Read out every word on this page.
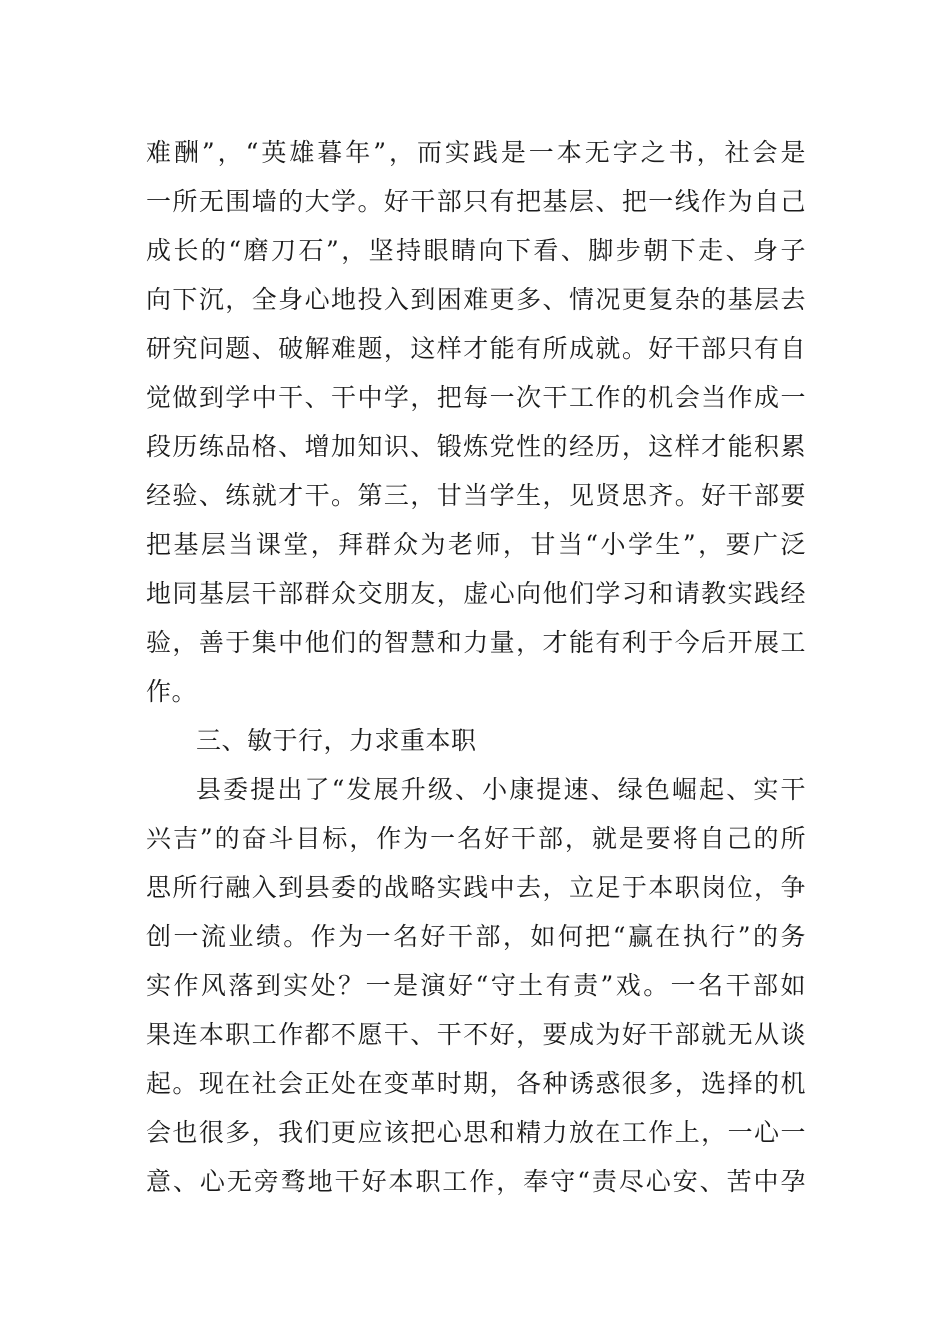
难酬”，“英雄暮年”，而实践是一本无字之书，社会是
一所无围墙的大学。好干部只有把基层、把一线作为自己
成长的“磨刀石”，坚持眼睛向下看、脚步朝下走、身子
向下沉，全身心地投入到困难更多、情况更复杂的基层去
研究问题、破解难题，这样才能有所成就。好干部只有自
觉做到学中干、干中学，把每一次干工作的机会当作成一
段历练品格、增加知识、锻炼党性的经历，这样才能积累
经验、练就才干。第三，甘当学生，见贤思齐。好干部要
把基层当课堂，拜群众为老师，甘当“小学生”，要广泛
地同基层干部群众交朋友，虚心向他们学习和请教实践经
验，善于集中他们的智慧和力量，才能有利于今后开展工
作。
三、敏于行，力求重本职
县委提出了“发展升级、小康提速、绿色崛起、实干
兴吉”的奋斗目标，作为一名好干部，就是要将自己的所
思所行融入到县委的战略实践中去，立足于本职岗位，争
创一流业绩。作为一名好干部，如何把“赢在执行”的务
实作风落到实处？一是演好“守土有责”戏。一名干部如
果连本职工作都不愿干、干不好，要成为好干部就无从谈
起。现在社会正处在变革时期，各种诱惑很多，选择的机
会也很多，我们更应该把心思和精力放在工作上，一心一
意、心无旁骛地干好本职工作，奉守“责尽心安、苦中孕
